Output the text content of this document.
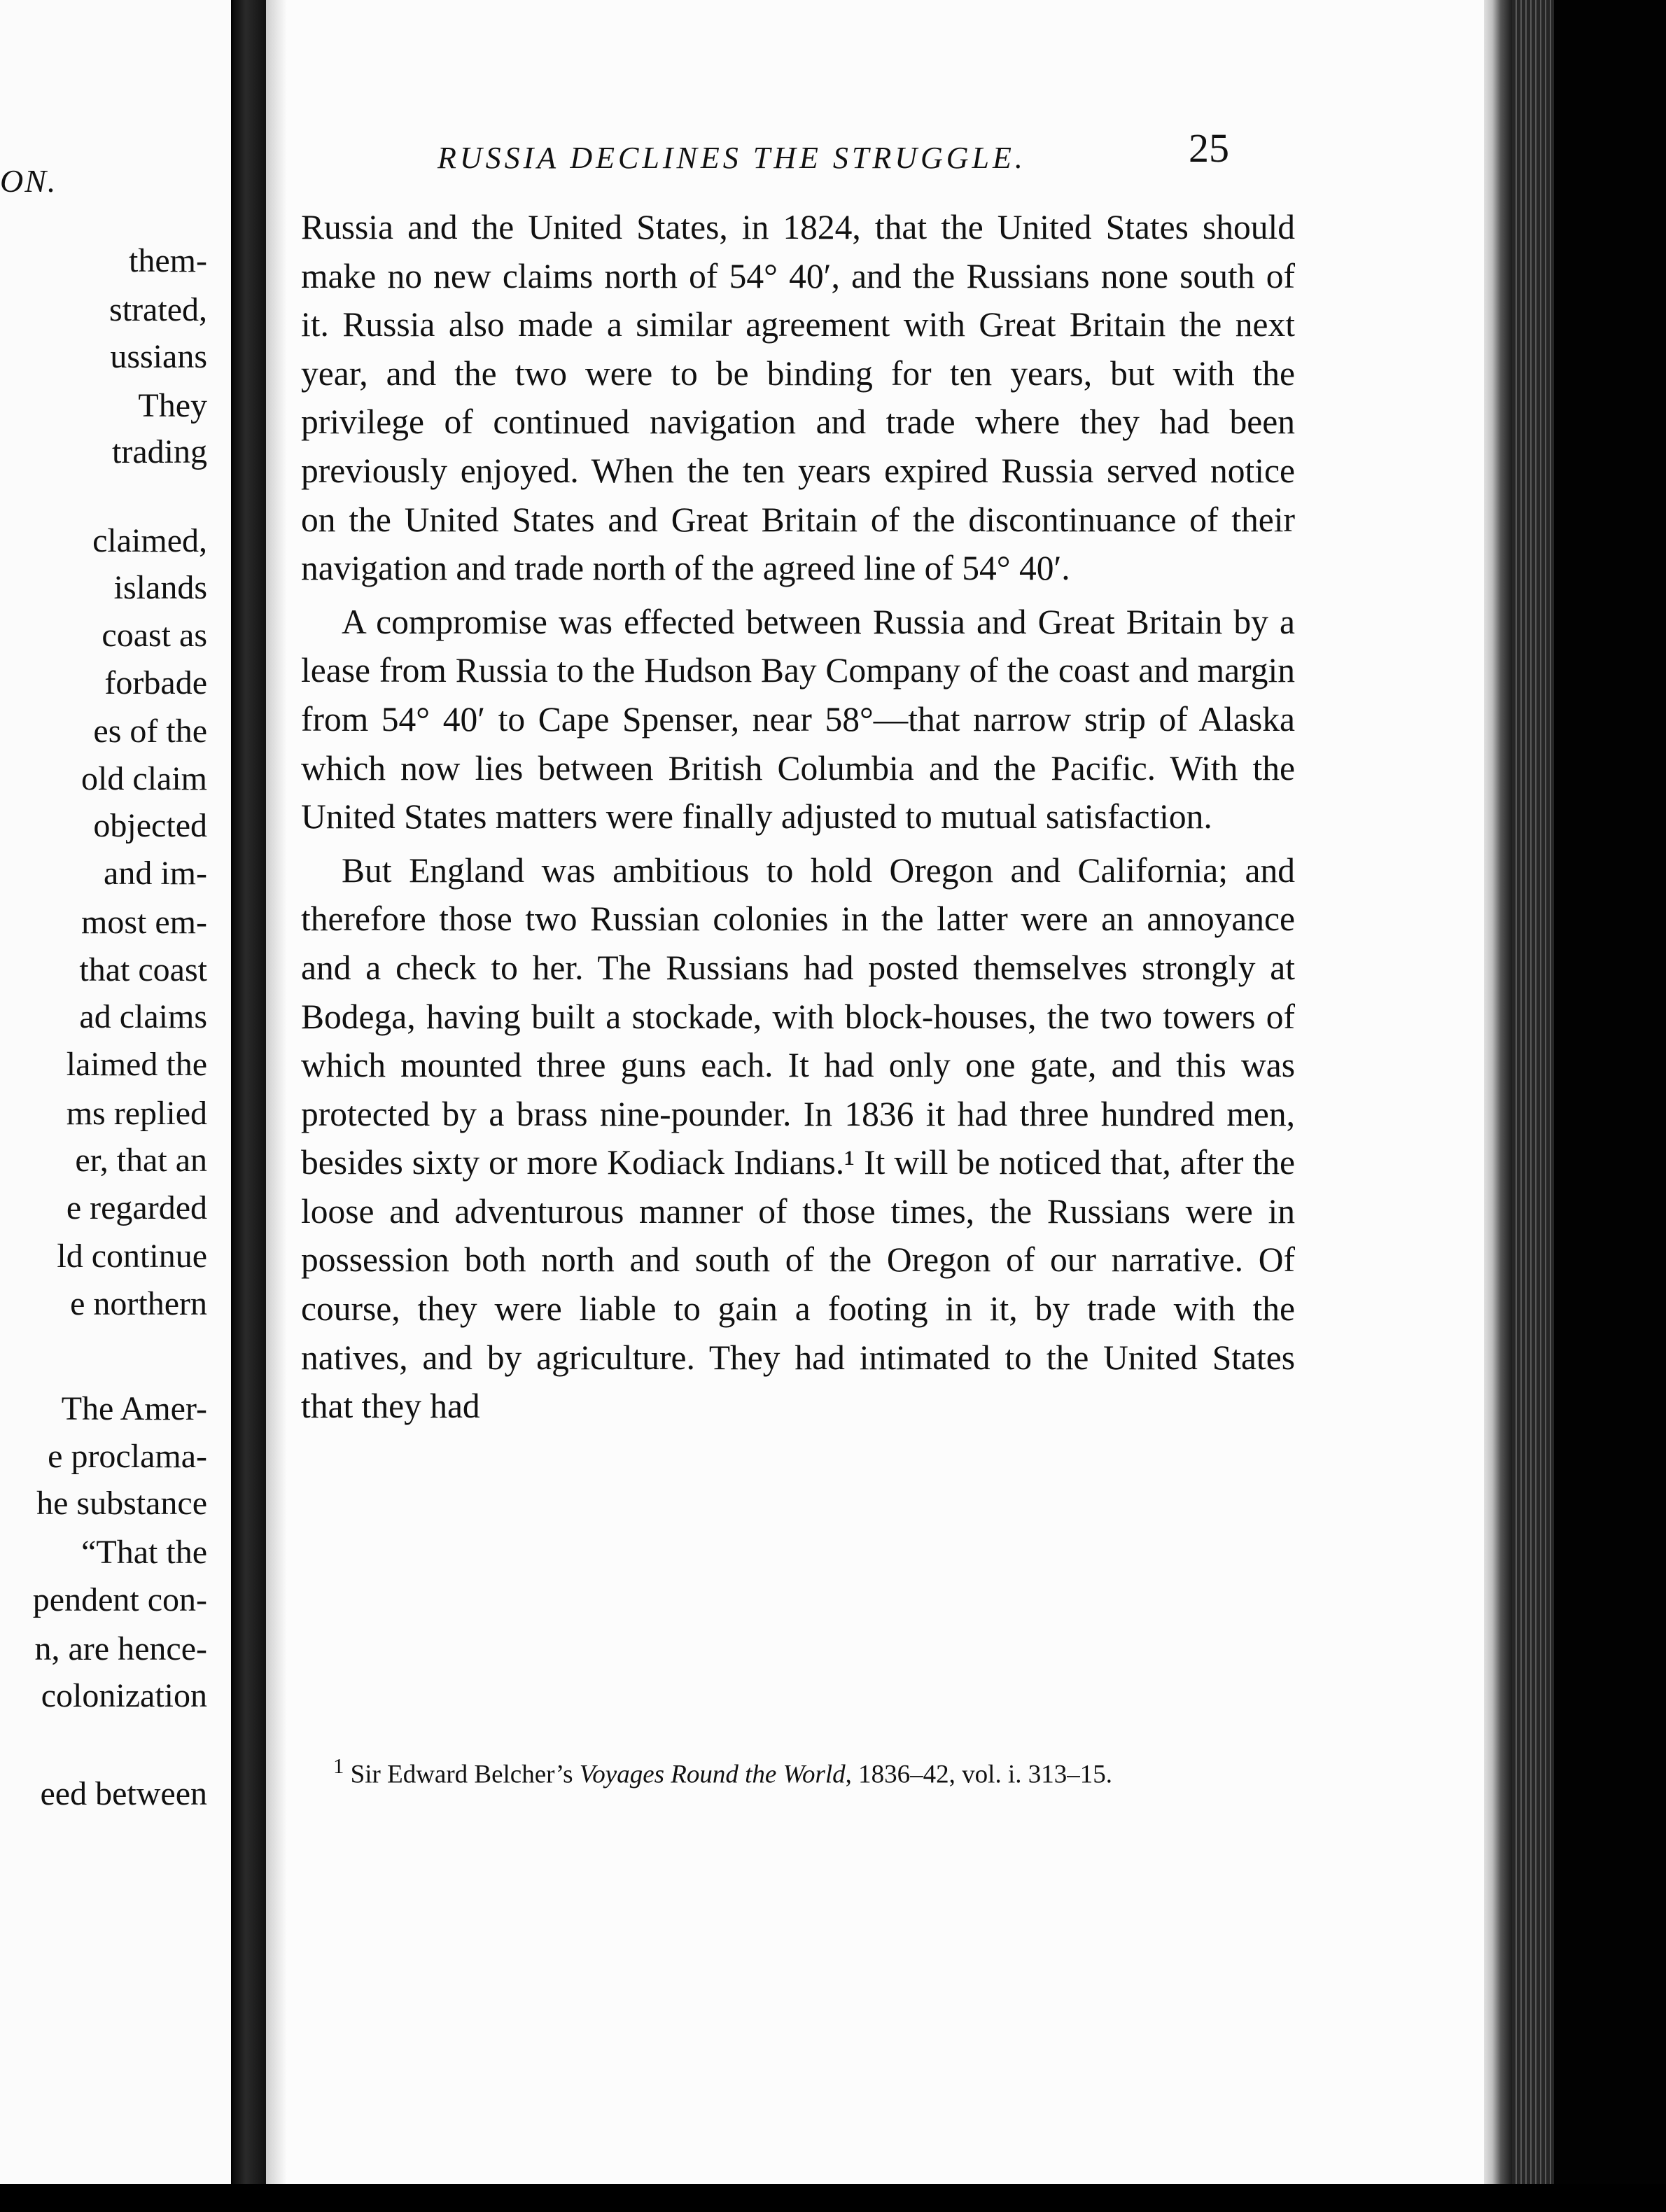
ON.
them-
strated,
ussians
They
trading
claimed,
islands
coast as
forbade
es of the
old claim
objected
and im-
most em-
that coast
ad claims
laimed the
ms replied
er, that an
e regarded
ld continue
e northern
The Amer-
e proclama-
he substance
“That the
pendent con-
n, are hence-
colonization
eed between
RUSSIA DECLINES THE STRUGGLE.	25

Russia and the United States, in 1824, that the United States should make no new claims north of 54° 40′, and the Russians none south of it. Russia also made a similar agreement with Great Britain the next year, and the two were to be binding for ten years, but with the privilege of continued navigation and trade where they had been previously enjoyed. When the ten years expired Russia served notice on the United States and Great Britain of the discontinuance of their navigation and trade north of the agreed line of 54° 40′.

A compromise was effected between Russia and Great Britain by a lease from Russia to the Hudson Bay Company of the coast and margin from 54° 40′ to Cape Spenser, near 58°—that narrow strip of Alaska which now lies between British Columbia and the Pacific. With the United States matters were finally adjusted to mutual satisfaction.

But England was ambitious to hold Oregon and California; and therefore those two Russian colonies in the latter were an annoyance and a check to her. The Russians had posted themselves strongly at Bodega, having built a stockade, with block-houses, the two towers of which mounted three guns each. It had only one gate, and this was protected by a brass nine-pounder. In 1836 it had three hundred men, besides sixty or more Kodiack Indians.¹ It will be noticed that, after the loose and adventurous manner of those times, the Russians were in possession both north and south of the Oregon of our narrative. Of course, they were liable to gain a footing in it, by trade with the natives, and by agriculture. They had intimated to the United States that they had

$^1$ Sir Edward Belcher’s Voyages Round the World, 1836–42, vol. i. 313–15.
